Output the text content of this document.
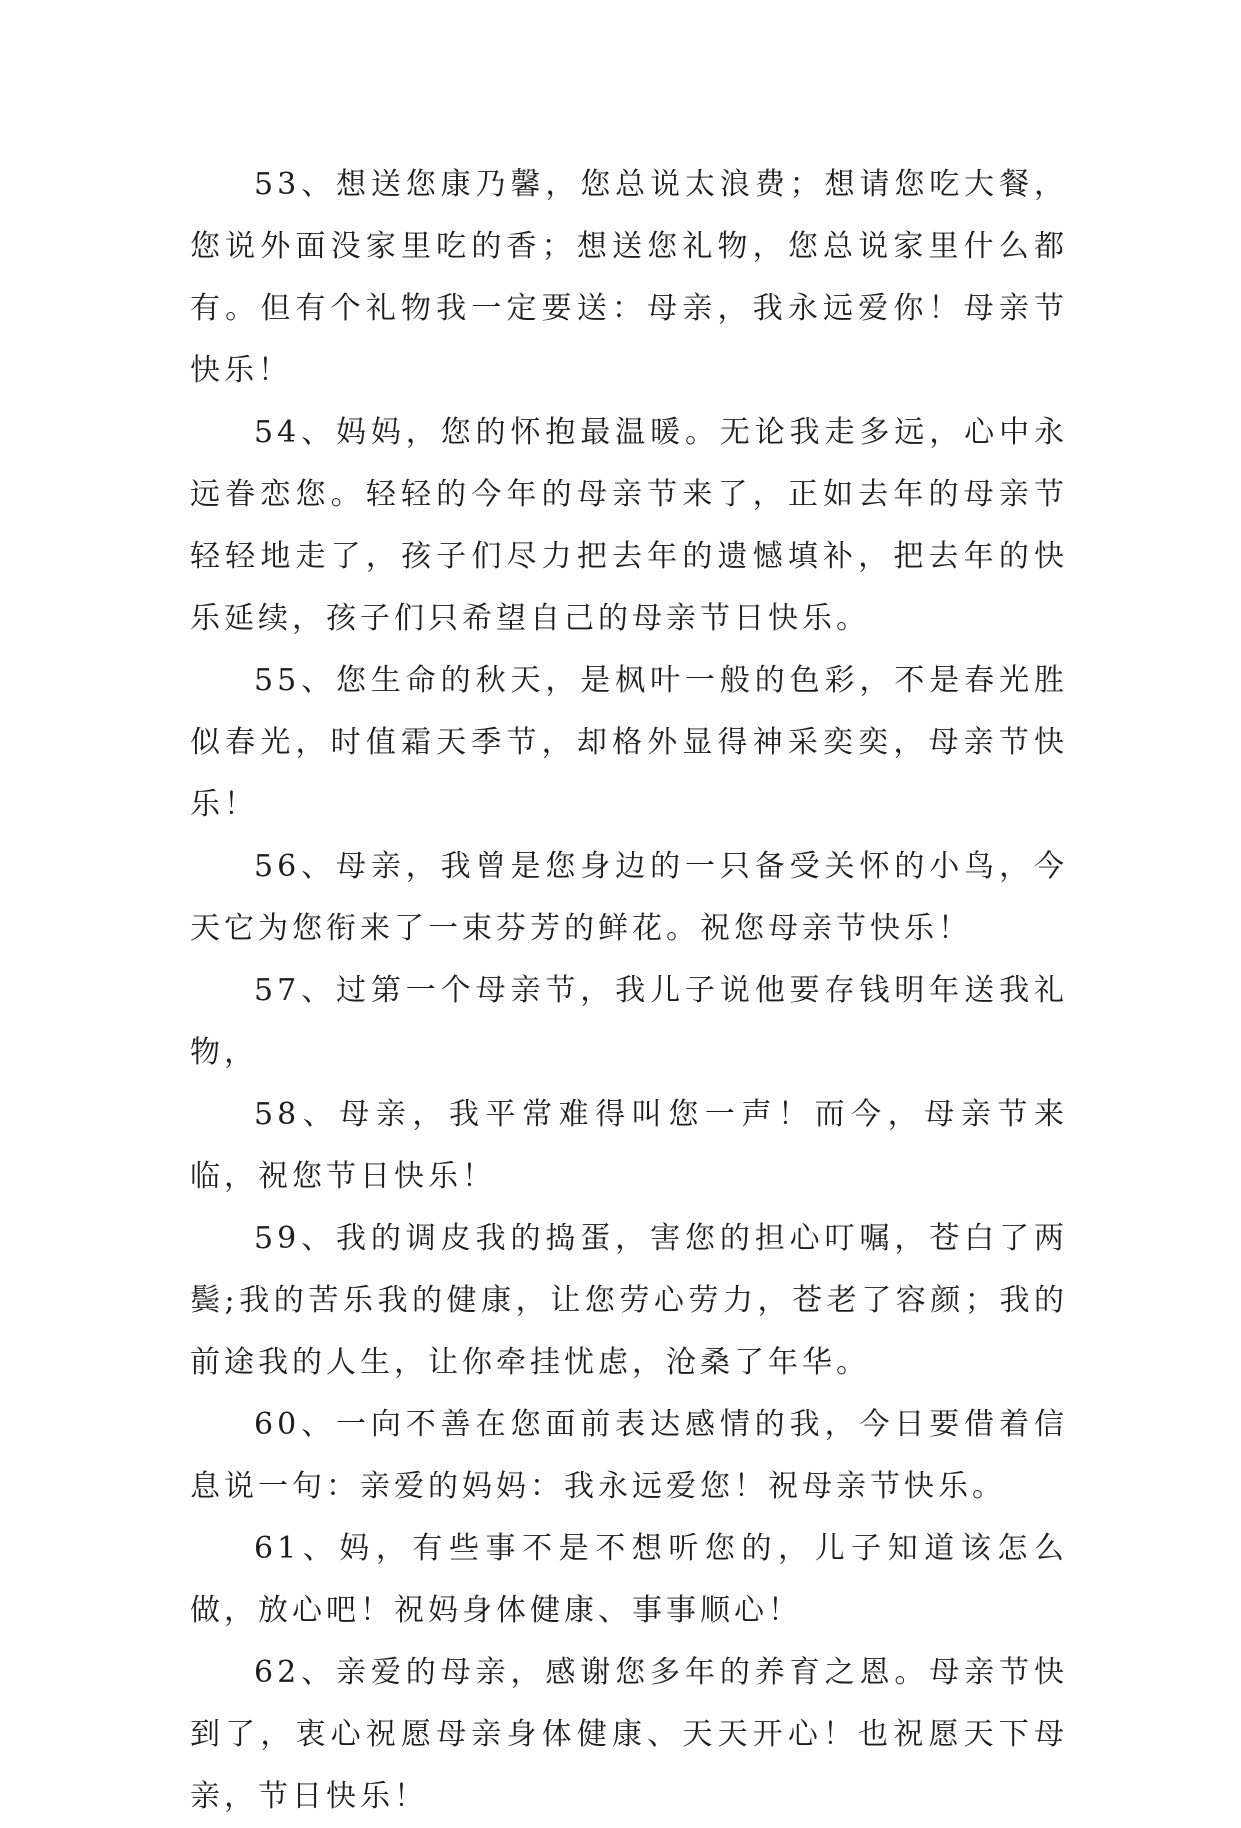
53、想送您康乃馨，您总说太浪费；想请您吃大餐，您说外面没家里吃的香；想送您礼物，您总说家里什么都有。但有个礼物我一定要送：母亲，我永远爱你！母亲节快乐！

54、妈妈，您的怀抱最温暖。无论我走多远，心中永远眷恋您。轻轻的今年的母亲节来了，正如去年的母亲节轻轻地走了，孩子们尽力把去年的遗憾填补，把去年的快乐延续，孩子们只希望自己的母亲节日快乐。

55、您生命的秋天，是枫叶一般的色彩，不是春光胜似春光，时值霜天季节，却格外显得神采奕奕，母亲节快乐！

56、母亲，我曾是您身边的一只备受关怀的小鸟，今天它为您衔来了一束芬芳的鲜花。祝您母亲节快乐！

57、过第一个母亲节，我儿子说他要存钱明年送我礼物，

58、母亲，我平常难得叫您一声！而今，母亲节来临，祝您节日快乐！

59、我的调皮我的捣蛋，害您的担心叮嘱，苍白了两鬓;我的苦乐我的健康，让您劳心劳力，苍老了容颜；我的前途我的人生，让你牵挂忧虑，沧桑了年华。

60、一向不善在您面前表达感情的我，今日要借着信息说一句：亲爱的妈妈：我永远爱您！祝母亲节快乐。

61、妈，有些事不是不想听您的，儿子知道该怎么做，放心吧！祝妈身体健康、事事顺心！

62、亲爱的母亲，感谢您多年的养育之恩。母亲节快到了，衷心祝愿母亲身体健康、天天开心！也祝愿天下母亲，节日快乐！
